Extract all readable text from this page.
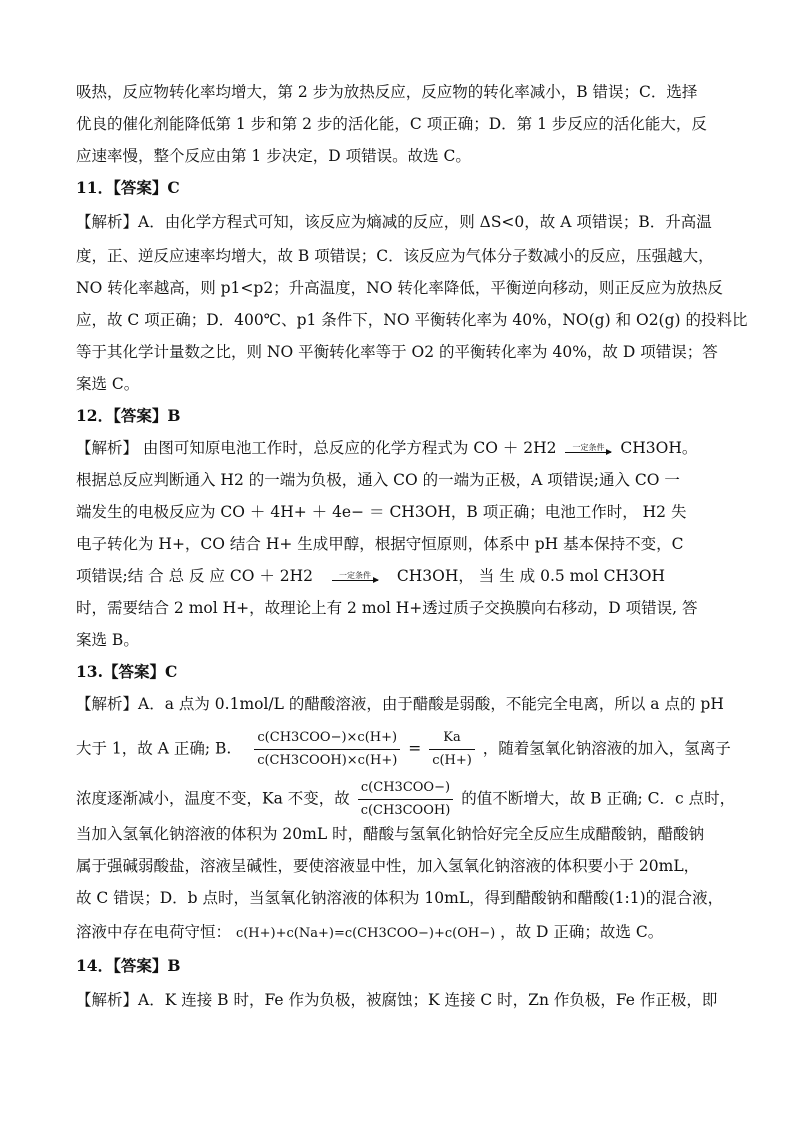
吸热，反应物转化率均增大，第 2 步为放热反应，反应物的转化率减小，B 错误；C．选择
优良的催化剂能降低第 1 步和第 2 步的活化能，C 项正确；D．第 1 步反应的活化能大，反
应速率慢，整个反应由第 1 步决定，D 项错误。故选 C。
11．【答案】C
【解析】A．由化学方程式可知，该反应为熵减的反应，则 ΔS<0，故 A 项错误；B．升高温
度，正、逆反应速率均增大，故 B 项错误；C．该反应为气体分子数减小的反应，压强越大，
NO 转化率越高，则 p1<p2；升高温度，NO 转化率降低，平衡逆向移动，则正反应为放热反
应，故 C 项正确；D．400℃、p1 条件下，NO 平衡转化率为 40%，NO(g) 和 O2(g) 的投料比
等于其化学计量数之比，则 NO 平衡转化率等于 O2 的平衡转化率为 40%，故 D 项错误；答
案选 C。
12．【答案】B
【解析】 由图可知原电池工作时，总反应的化学方程式为 CO ＋ 2H2 一定条件 CH3OH。
根据总反应判断通入 H2 的一端为负极，通入 CO 的一端为正极，A 项错误;通入 CO 一
端发生的电极反应为 CO ＋ 4H+ ＋ 4e− ＝ CH3OH，B 项正确；电池工作时， H2 失
电子转化为 H+，CO 结合 H+ 生成甲醇，根据守恒原则，体系中 pH 基本保持不变，C
项错误;结 合 总 反 应 CO ＋ 2H2	一定条件 CH3OH， 当 生 成 0.5 mol CH3OH
时，需要结合 2 mol H+，故理论上有 2 mol H+透过质子交换膜向右移动，D 项错误, 答
案选 B。
13.【答案】C
【解析】A．a 点为 0.1mol/L 的醋酸溶液，由于醋酸是弱酸，不能完全电离，所以 a 点的 pH
大于 1，故 A 正确; B. $\frac{\text{c(CH3COO−)×c(H+)}}{\text{c(CH3COOH)×c(H+)}} = \frac{Ka}{c(H+)}$ ，随着氢氧化钠溶液的加入，氢离子
浓度逐渐减小，温度不变，Ka 不变，故 $\frac{\text{c(CH3COO−)}}{\text{c(CH3COOH)}}$ 的值不断增大，故 B 正确; C．c 点时，
当加入氢氧化钠溶液的体积为 20mL 时，醋酸与氢氧化钠恰好完全反应生成醋酸钠，醋酸钠
属于强碱弱酸盐，溶液呈碱性，要使溶液显中性，加入氢氧化钠溶液的体积要小于 20mL，
故 C 错误；D．b 点时，当氢氧化钠溶液的体积为 10mL，得到醋酸钠和醋酸(1:1)的混合液，
溶液中存在电荷守恒： c(H+)+c(Na+)=c(CH3COO−)+c(OH−) ，故 D 正确；故选 C。
14．【答案】B
【解析】A．K 连接 B 时，Fe 作为负极，被腐蚀；K 连接 C 时，Zn 作负极，Fe 作正极，即
